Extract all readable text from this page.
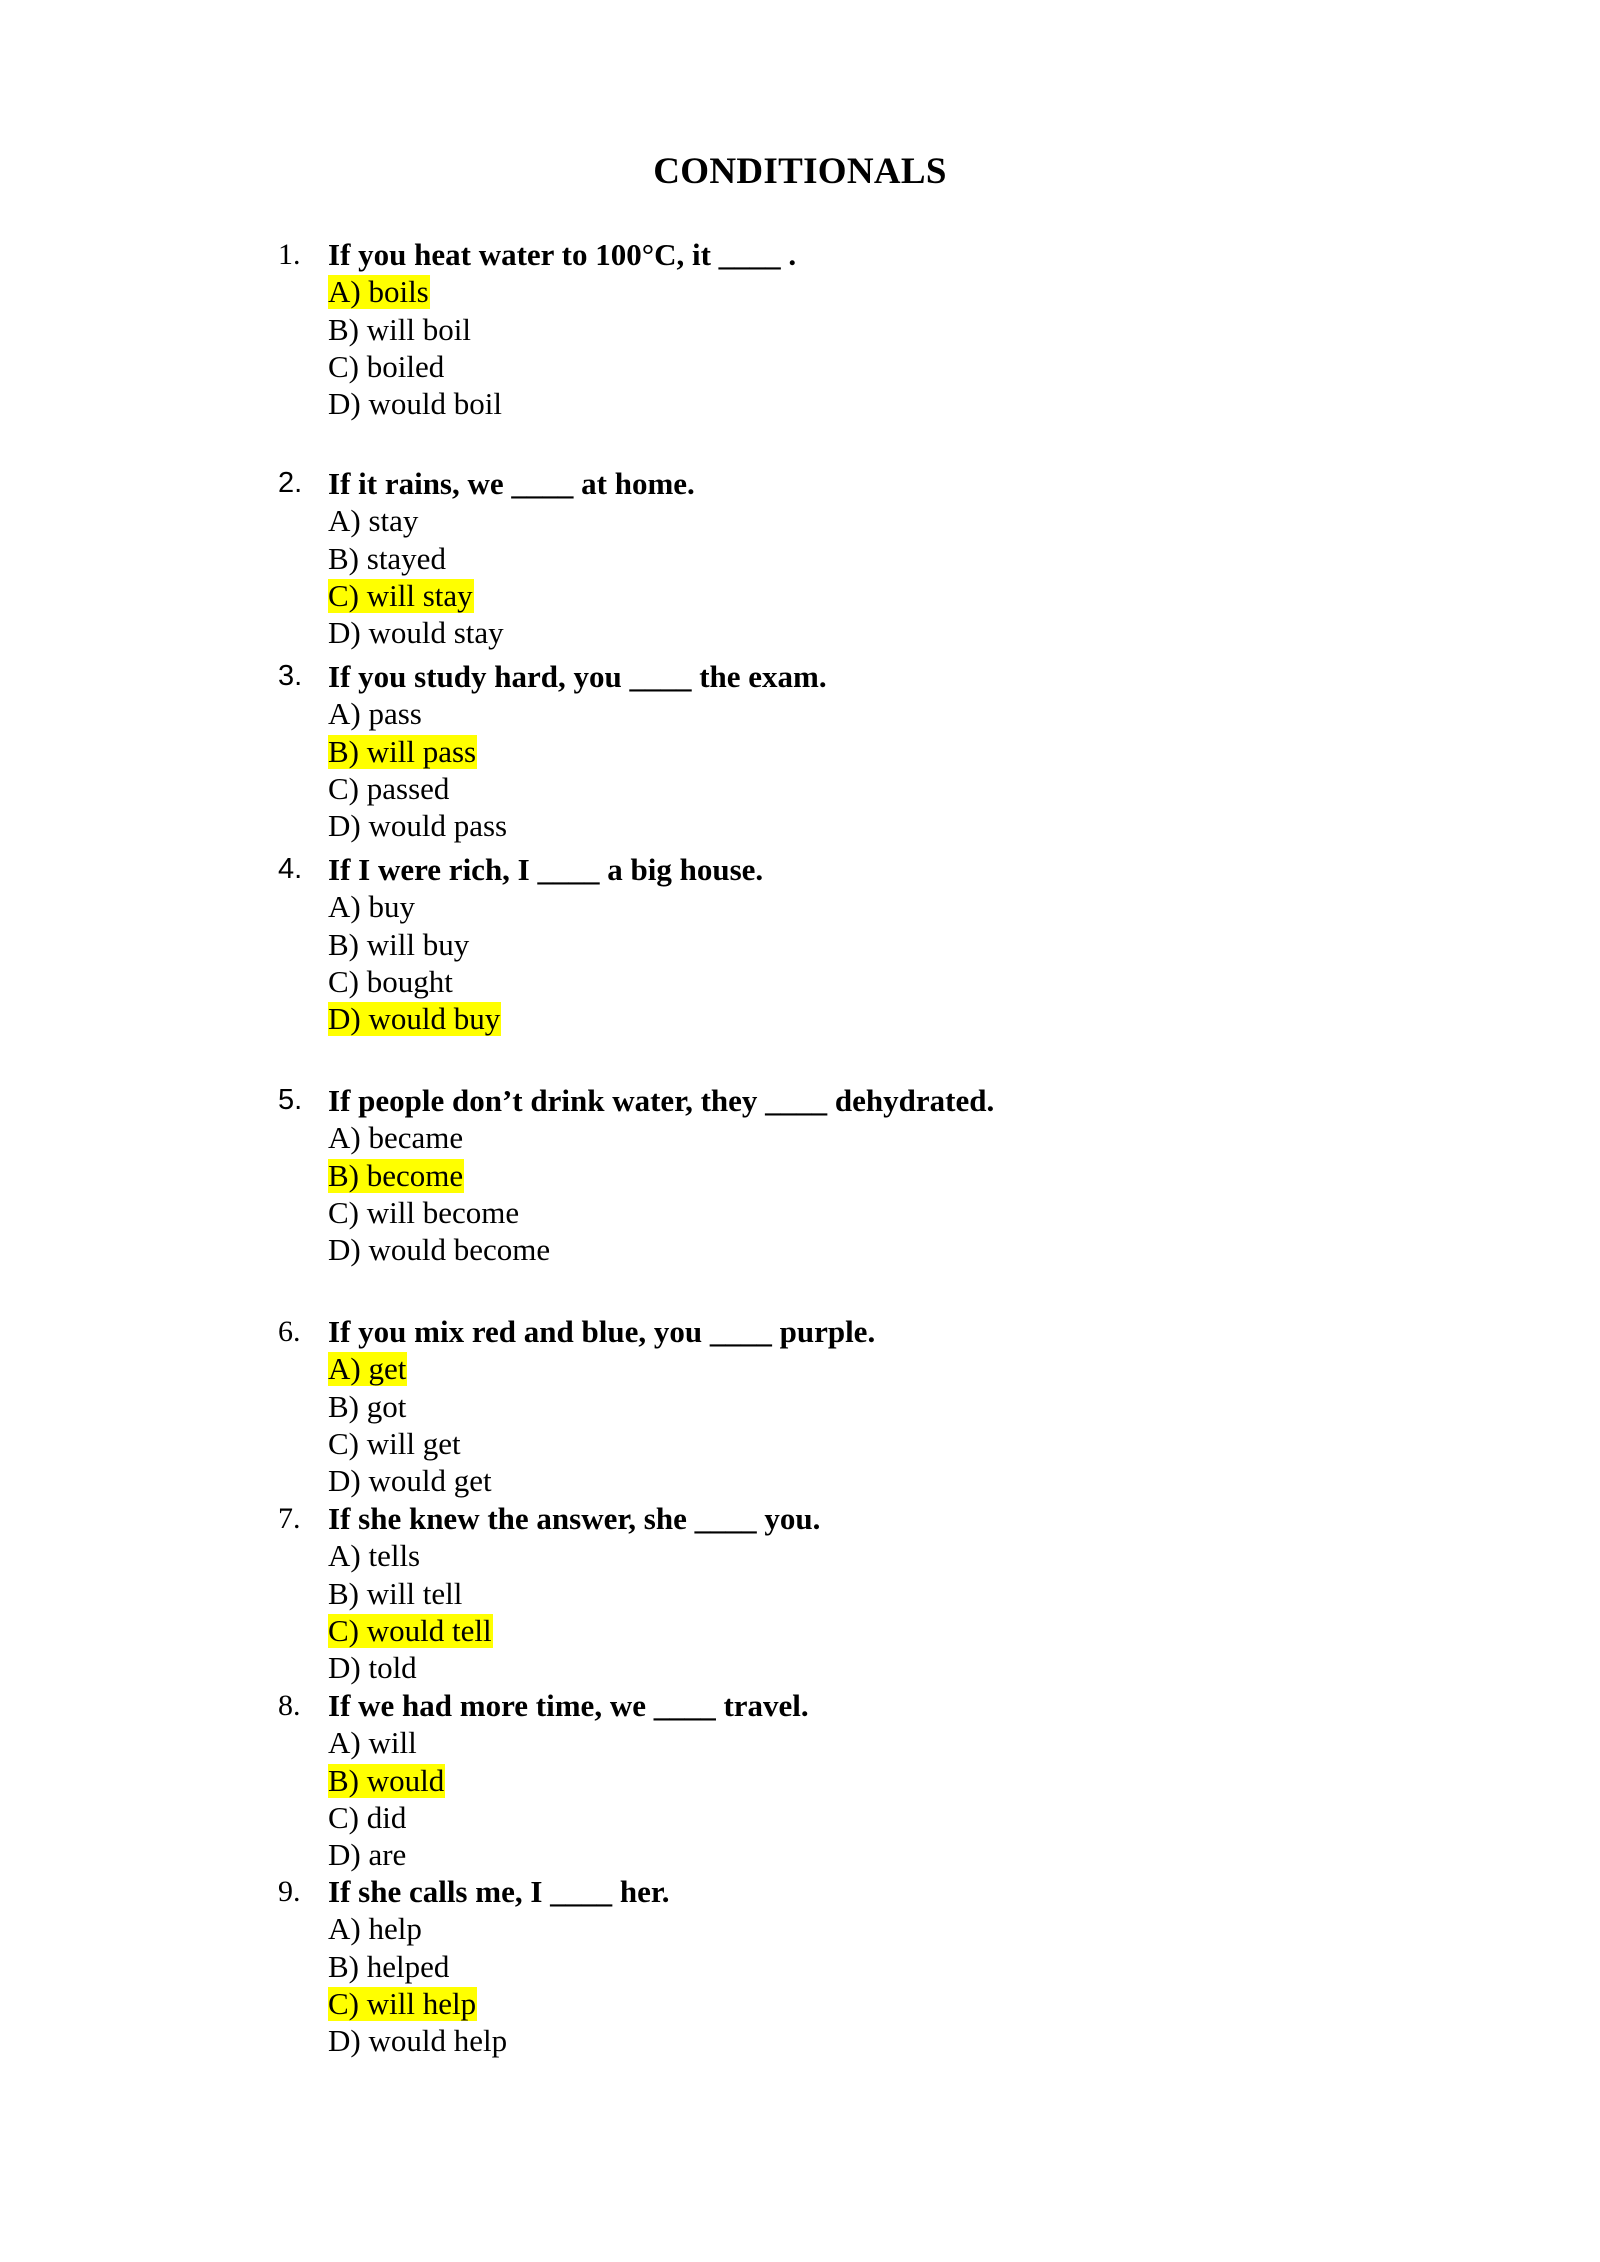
CONDITIONALS
1. If you heat water to 100°C, it ____ .
A) boils
B) will boil
C) boiled
D) would boil
2. If it rains, we ____ at home.
A) stay
B) stayed
C) will stay
D) would stay
3. If you study hard, you ____ the exam.
A) pass
B) will pass
C) passed
D) would pass
4. If I were rich, I ____ a big house.
A) buy
B) will buy
C) bought
D) would buy
5. If people don’t drink water, they ____ dehydrated.
A) became
B) become
C) will become
D) would become
6. If you mix red and blue, you ____ purple.
A) get
B) got
C) will get
D) would get
7. If she knew the answer, she ____ you.
A) tells
B) will tell
C) would tell
D) told
8. If we had more time, we ____ travel.
A) will
B) would
C) did
D) are
9. If she calls me, I ____ her.
A) help
B) helped
C) will help
D) would help
